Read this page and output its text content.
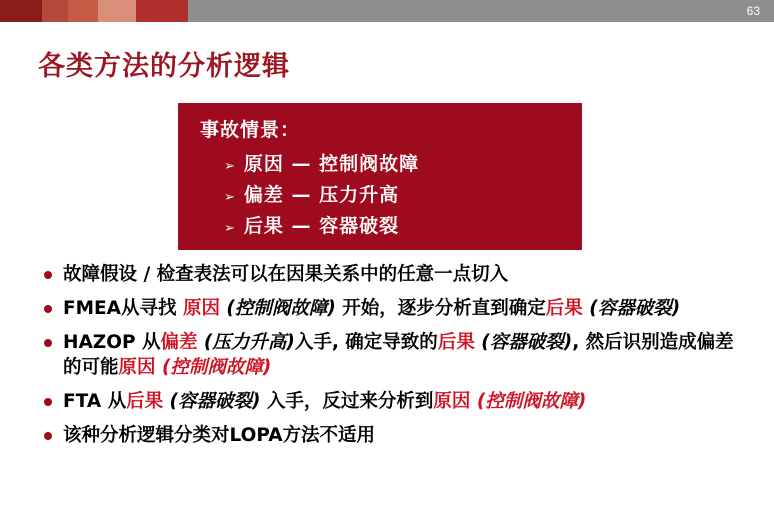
63
各类方法的分析逻辑
事故情景：
➢ 原因 — 控制阀故障
➢ 偏差 — 压力升高
➢ 后果 — 容器破裂
故障假设 / 检查表法可以在因果关系中的任意一点切入
FMEA从寻找 原因 (控制阀故障) 开始，逐步分析直到确定后果 (容器破裂)
HAZOP 从偏差 (压力升高)入手, 确定导致的后果 (容器破裂), 然后识别造成偏差的可能原因 (控制阀故障)
FTA 从后果 (容器破裂) 入手，反过来分析到原因 (控制阀故障)
该种分析逻辑分类对LOPA方法不适用
